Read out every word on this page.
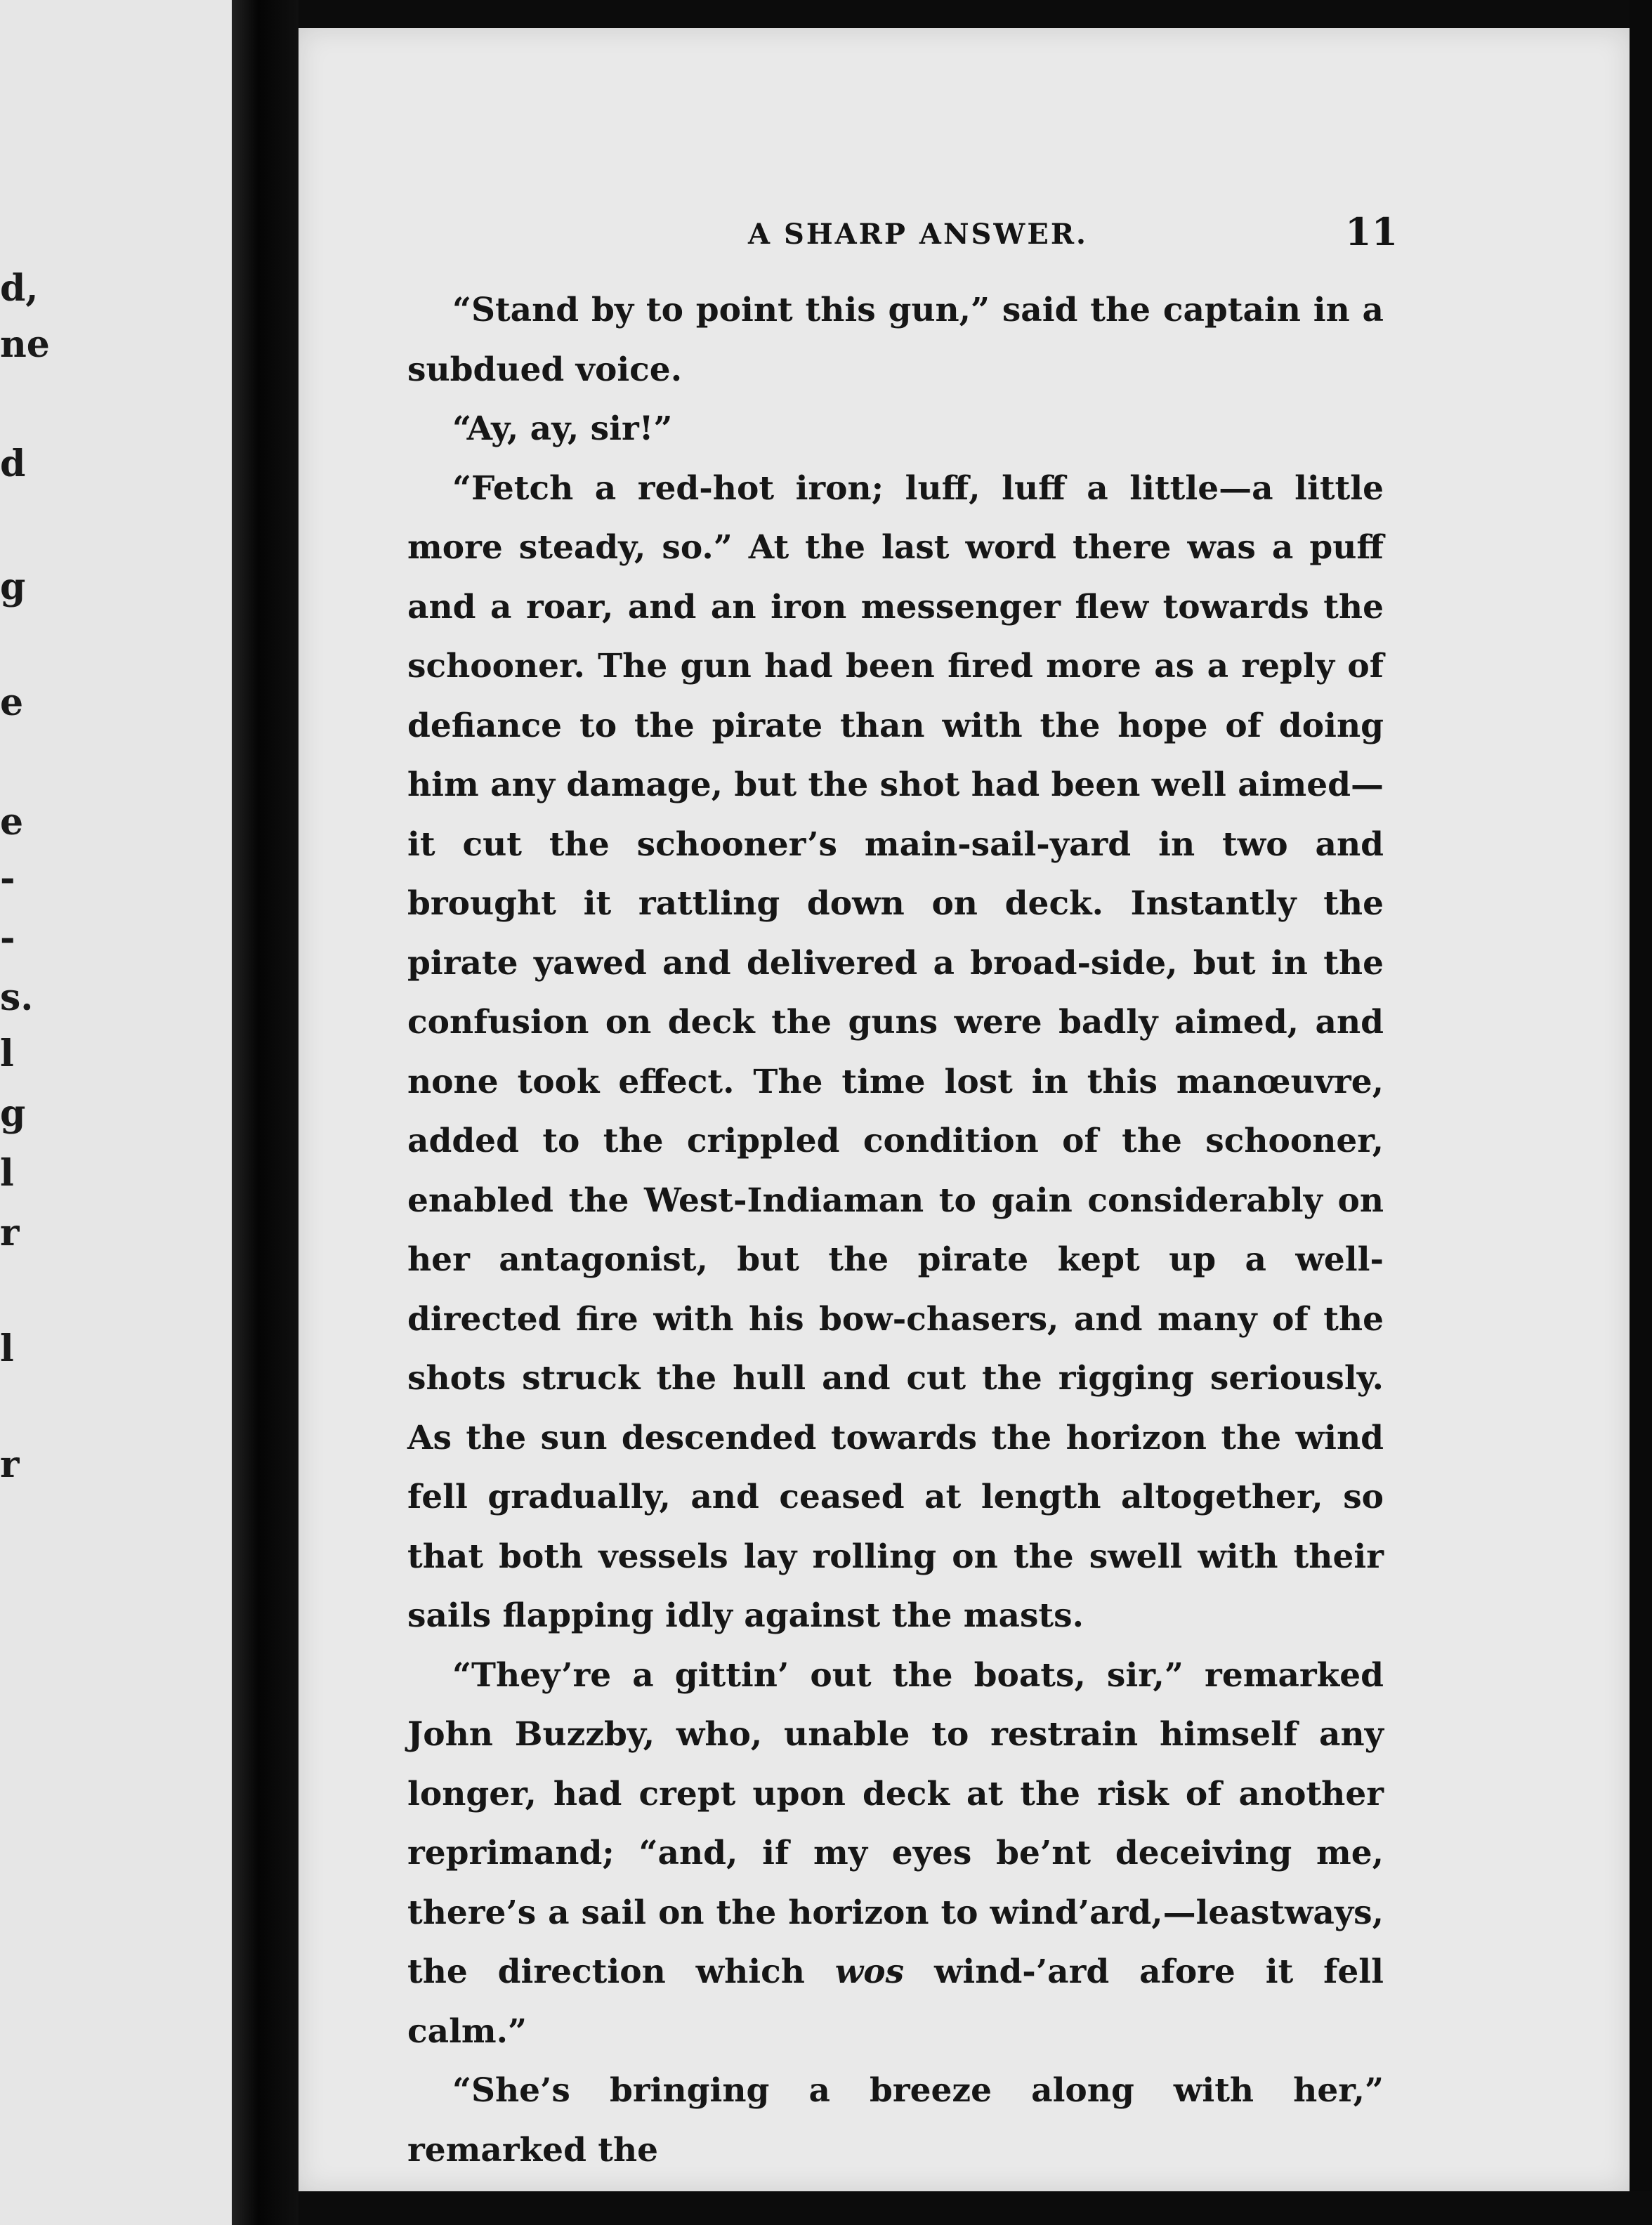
d,
ne
d
g
e
e
-
-
s.
l
g
l
r
l
r
A SHARP ANSWER.	11

“Stand by to point this gun,” said the captain in a subdued voice.

“Ay, ay, sir!”

“Fetch a red-hot iron; luff, luff a little—a little more steady, so.” At the last word there was a puff and a roar, and an iron messenger flew towards the schooner. The gun had been fired more as a reply of defiance to the pirate than with the hope of doing him any damage, but the shot had been well aimed—it cut the schooner’s main-sail-yard in two and brought it rattling down on deck. Instantly the pirate yawed and delivered a broad-side, but in the confusion on deck the guns were badly aimed, and none took effect. The time lost in this manœuvre, added to the crippled condition of the schooner, enabled the West-Indiaman to gain considerably on her antagonist, but the pirate kept up a well-directed fire with his bow-chasers, and many of the shots struck the hull and cut the rigging seriously. As the sun descended towards the horizon the wind fell gradually, and ceased at length altogether, so that both vessels lay rolling on the swell with their sails flapping idly against the masts.

“They’re a gittin’ out the boats, sir,” remarked John Buzzby, who, unable to restrain himself any longer, had crept upon deck at the risk of another reprimand; “and, if my eyes be’nt deceiving me, there’s a sail on the horizon to wind’ard,—leastways, the direction which wos wind-’ard afore it fell calm.”

“She’s bringing a breeze along with her,” remarked the
